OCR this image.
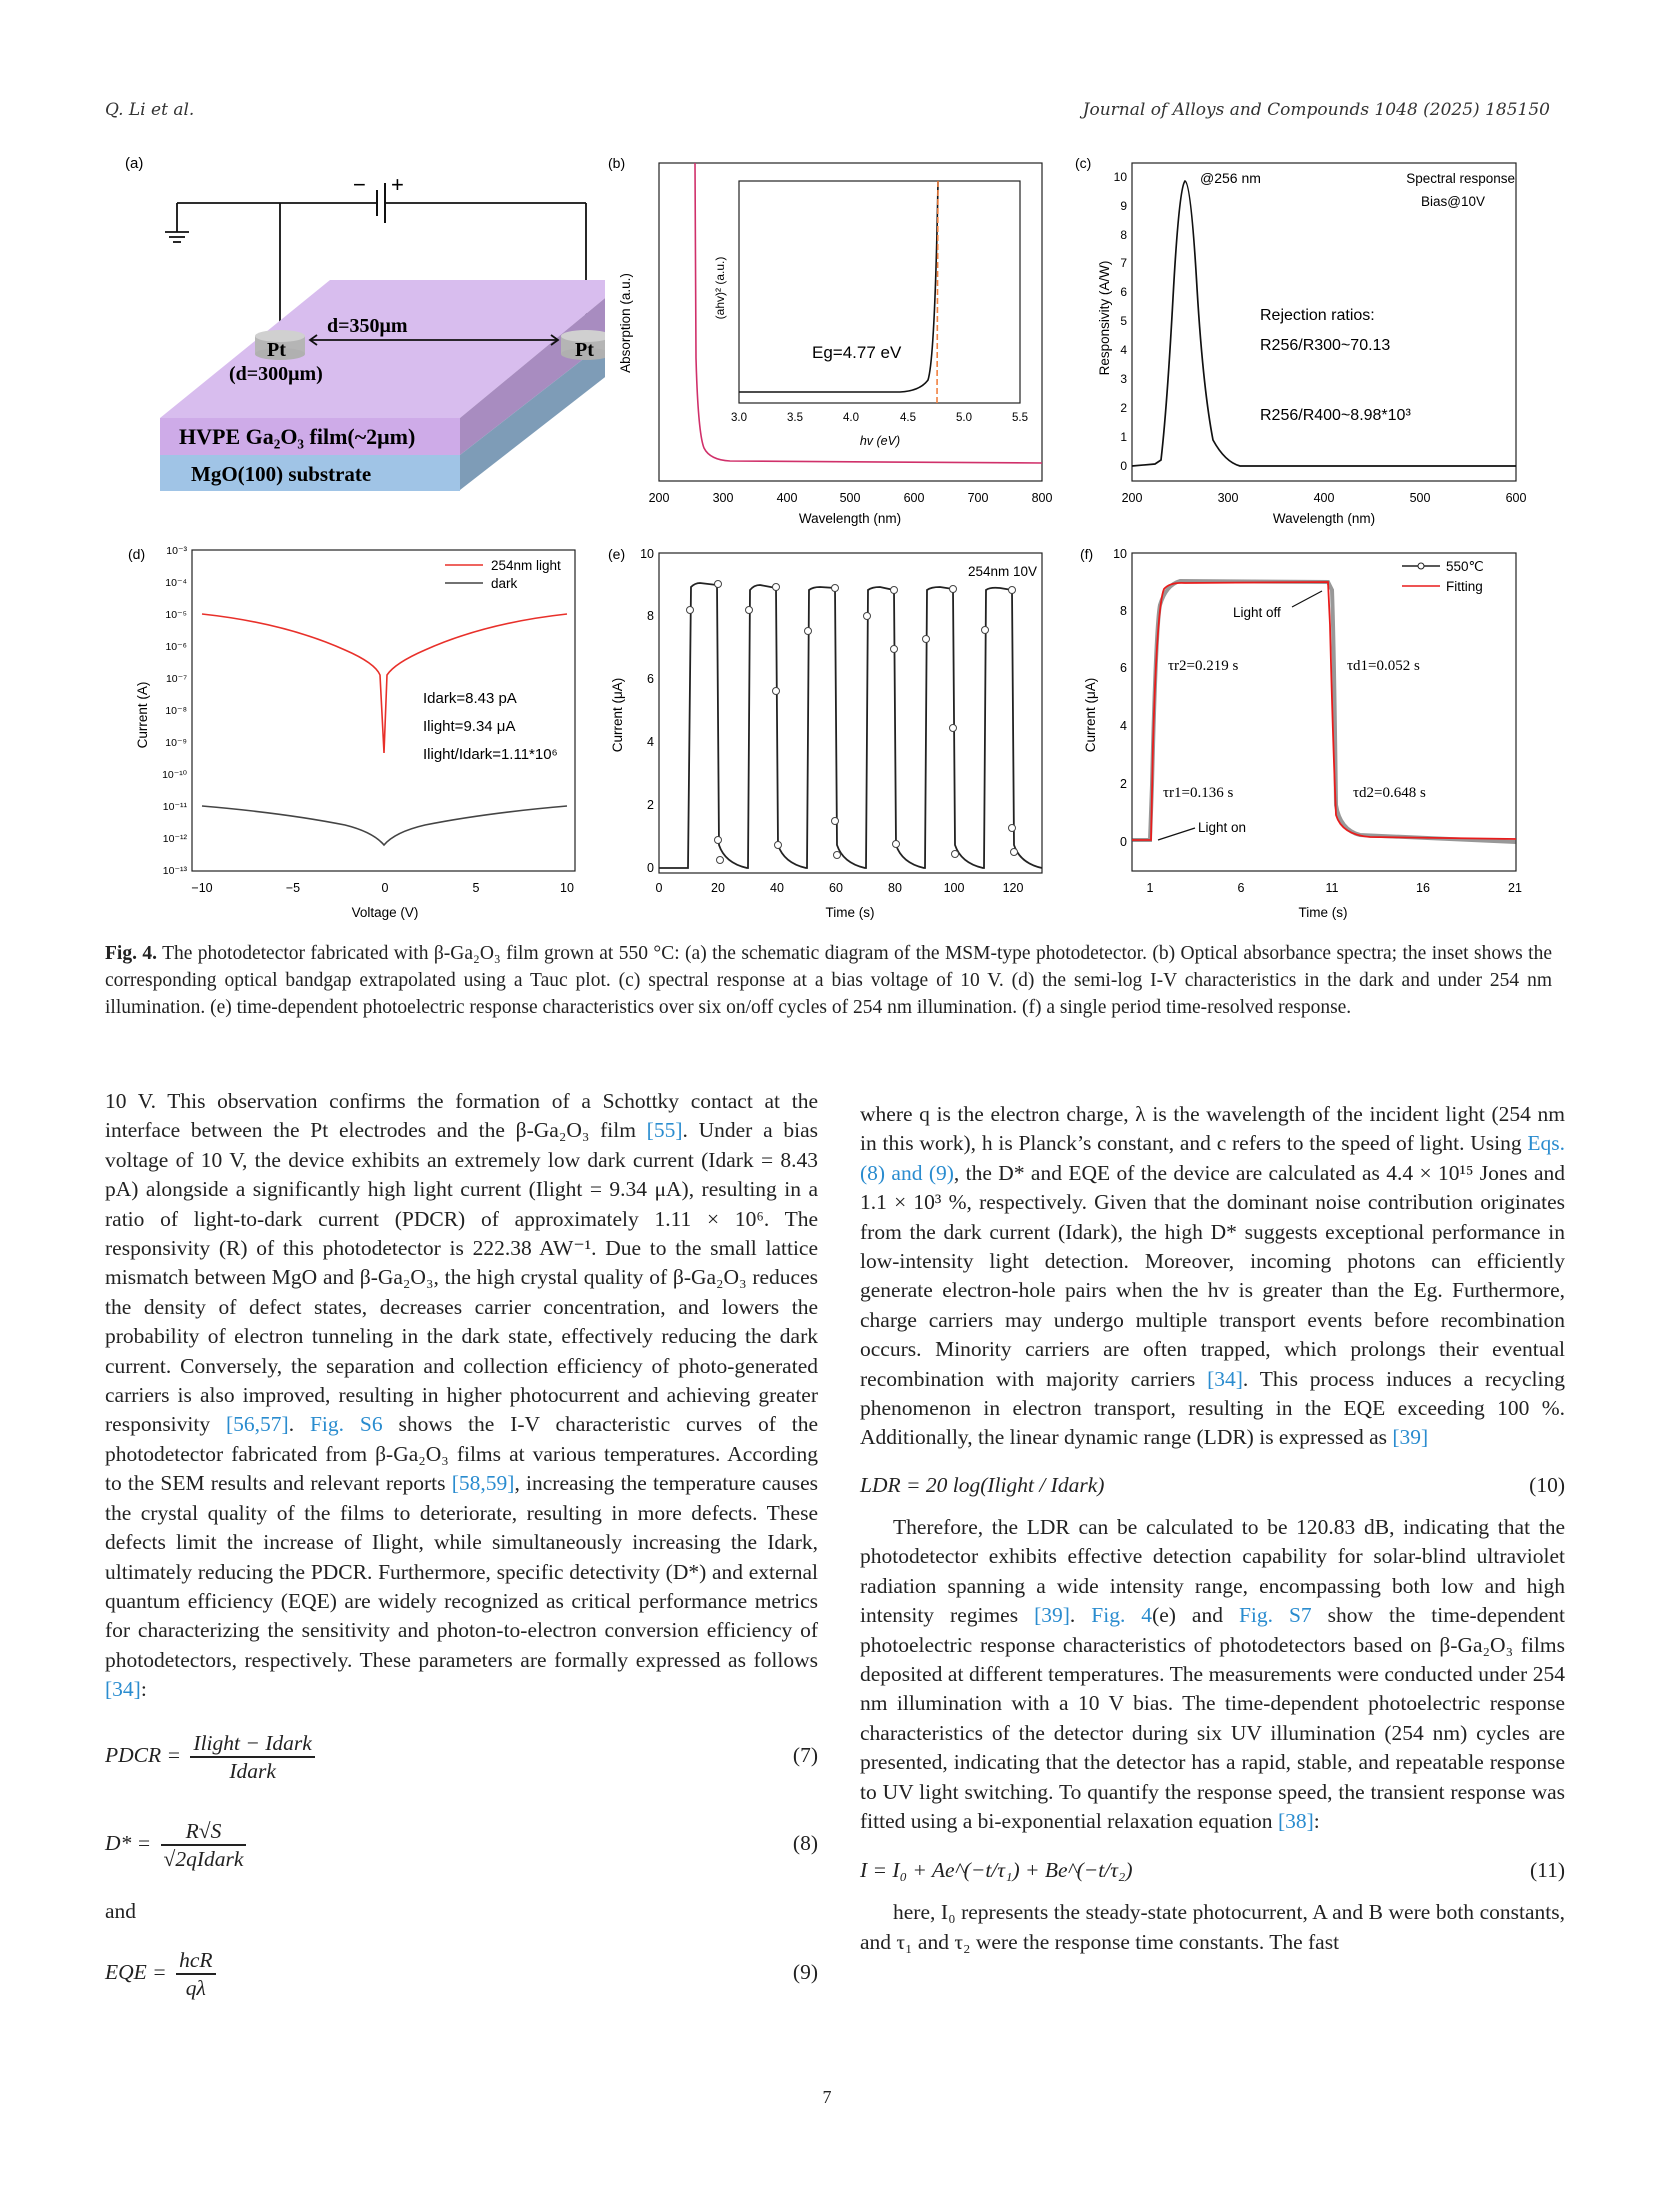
Q. Li et al.	Journal of Alloys and Compounds 1048 (2025) 185150
(a)
− +
Pt	Pt
d=350μm
(d=300μm)
HVPE Ga₂O₃ film(~2μm)
MgO(100) substrate
(b)
200	300	400	500	600	700	800
Wavelength (nm)
Absorption (a.u.)
3.0	3.5	4.0	4.5	5.0	5.5
hv (eV)
(ahv)² (a.u.)
Eg=4.77 eV
(c)
0
1
2
3
4
5
6
7
8
9
10
200	300	400	500	600
Wavelength (nm)
Responsivity (A/W)
@256 nm	Spectral response
Bias@10V
Rejection ratios:
R256/R300~70.13
R256/R400~8.98*10³
(d) 10⁻³
10⁻⁴
10⁻⁵
10⁻⁶
10⁻⁷
10⁻⁸
10⁻⁹
10⁻¹⁰
10⁻¹¹
10⁻¹²
10⁻¹³
−10	−5	0	5	10
Voltage (V)
Current (A)
254nm light
dark
Idark=8.43 pA
Ilight=9.34 μA
Ilight/Idark=1.11*10⁶
(e)
0
2
4
6
8
10
0	20	40	60	80	100	120
Time (s)
Current (μA)
254nm 10V
(f)
0
2
4
6
8
10
1	6	11	16	21
Time (s)
Current (μA)
550℃
Fitting
Light off
Light on
τr2=0.219 s
τr1=0.136 s
τd1=0.052 s
τd2=0.648 s
Fig. 4. The photodetector fabricated with β-Ga₂O₃ film grown at 550 °C: (a) the schematic diagram of the MSM-type photodetector. (b) Optical absorbance spectra; the inset shows the corresponding optical bandgap extrapolated using a Tauc plot. (c) spectral response at a bias voltage of 10 V. (d) the semi-log I-V characteristics in the dark and under 254 nm illumination. (e) time-dependent photoelectric response characteristics over six on/off cycles of 254 nm illumination. (f) a single period time-resolved response.

10 V. This observation confirms the formation of a Schottky contact at the interface between the Pt electrodes and the β-Ga₂O₃ film [55]. Under a bias voltage of 10 V, the device exhibits an extremely low dark current (Idark = 8.43 pA) alongside a significantly high light current (Ilight = 9.34 μA), resulting in a ratio of light-to-dark current (PDCR) of approximately 1.11 × 10⁶. The responsivity (R) of this photodetector is 222.38 AW⁻¹. Due to the small lattice mismatch between MgO and β-Ga₂O₃, the high crystal quality of β-Ga₂O₃ reduces the density of defect states, decreases carrier concentration, and lowers the probability of electron tunneling in the dark state, effectively reducing the dark current. Conversely, the separation and collection efficiency of photo-generated carriers is also improved, resulting in higher photocurrent and achieving greater responsivity [56,57]. Fig. S6 shows the I-V characteristic curves of the photodetector fabricated from β-Ga₂O₃ films at various temperatures. According to the SEM results and relevant reports [58,59], increasing the temperature causes the crystal quality of the films to deteriorate, resulting in more defects. These defects limit the increase of Ilight, while simultaneously increasing the Idark, ultimately reducing the PDCR. Furthermore, specific detectivity (D*) and external quantum efficiency (EQE) are widely recognized as critical performance metrics for characterizing the sensitivity and photon-to-electron conversion efficiency of photodetectors, respectively. These parameters are formally expressed as follows [34]:

PDCR = $\frac{\text{Ilight − Idark}}{\text{Idark}}$	(7)
$D* = \frac{R√S}{\text{√2qIdark}}$	(8)

and

EQE = $\frac{\text{hcR}}{q\lambda}$	(9)

where q is the electron charge, λ is the wavelength of the incident light (254 nm in this work), h is Planck’s constant, and c refers to the speed of light. Using Eqs. (8) and (9), the D* and EQE of the device are calculated as 4.4 × 10¹⁵ Jones and 1.1 × 10³ %, respectively. Given that the dominant noise contribution originates from the dark current (Idark), the high D* suggests exceptional performance in low-intensity light detection. Moreover, incoming photons can efficiently generate electron-hole pairs when the hv is greater than the Eg. Furthermore, charge carriers may undergo multiple transport events before recombination occurs. Minority carriers are often trapped, which prolongs their eventual recombination with majority carriers [34]. This process induces a recycling phenomenon in electron transport, resulting in the EQE exceeding 100 %. Additionally, the linear dynamic range (LDR) is expressed as [39]

LDR = 20 log(Ilight / Idark)	(10)

Therefore, the LDR can be calculated to be 120.83 dB, indicating that the photodetector exhibits effective detection capability for solar-blind ultraviolet radiation spanning a wide intensity range, encompassing both low and high intensity regimes [39]. Fig. 4(e) and Fig. S7 show the time-dependent photoelectric response characteristics of photodetectors based on β-Ga₂O₃ films deposited at different temperatures. The measurements were conducted under 254 nm illumination with a 10 V bias. The time-dependent photoelectric response characteristics of the detector during six UV illumination (254 nm) cycles are presented, indicating that the detector has a rapid, stable, and repeatable response to UV light switching. To quantify the response speed, the transient response was fitted using a bi-exponential relaxation equation [38]:

I = I₀ + Ae^(−t/τ₁) + Be^(−t/τ₂)	(11)

here, I₀ represents the steady-state photocurrent, A and B were both constants, and τ₁ and τ₂ were the response time constants. The fast

7
